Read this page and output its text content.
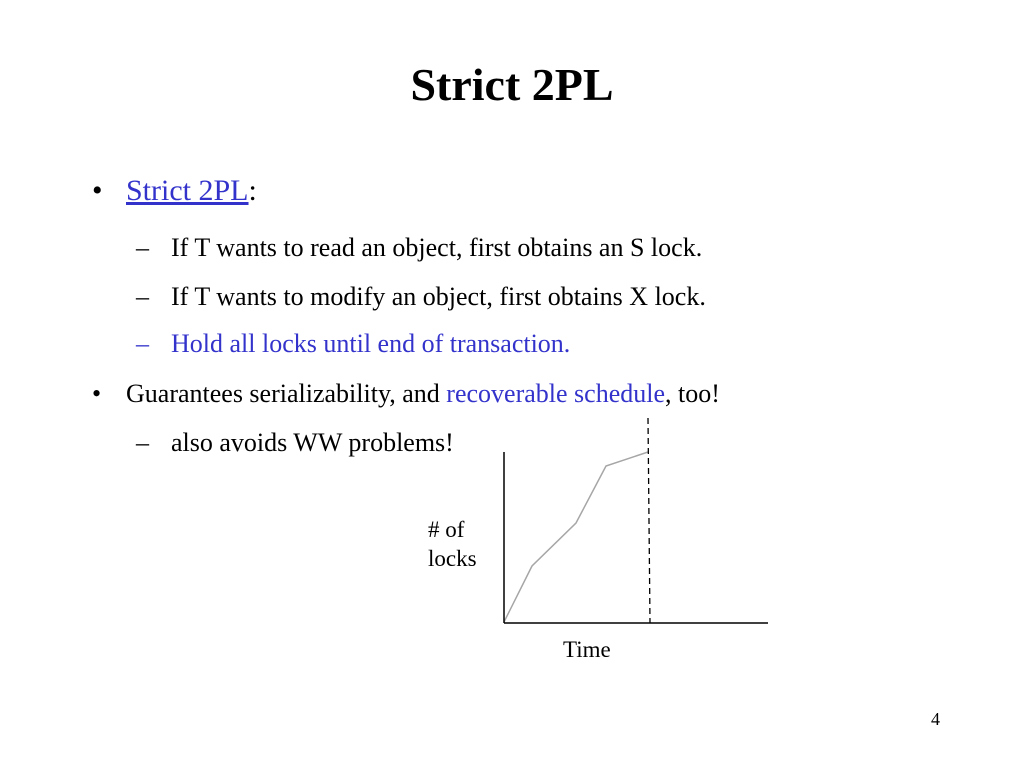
Strict 2PL
• Strict 2PL:
– If T wants to read an object, first obtains an S lock.
– If T wants to modify an object, first obtains X lock.
– Hold all locks until end of transaction.
• Guarantees serializability, and recoverable schedule, too!
– also avoids WW problems!
# of
locks
Time
4
